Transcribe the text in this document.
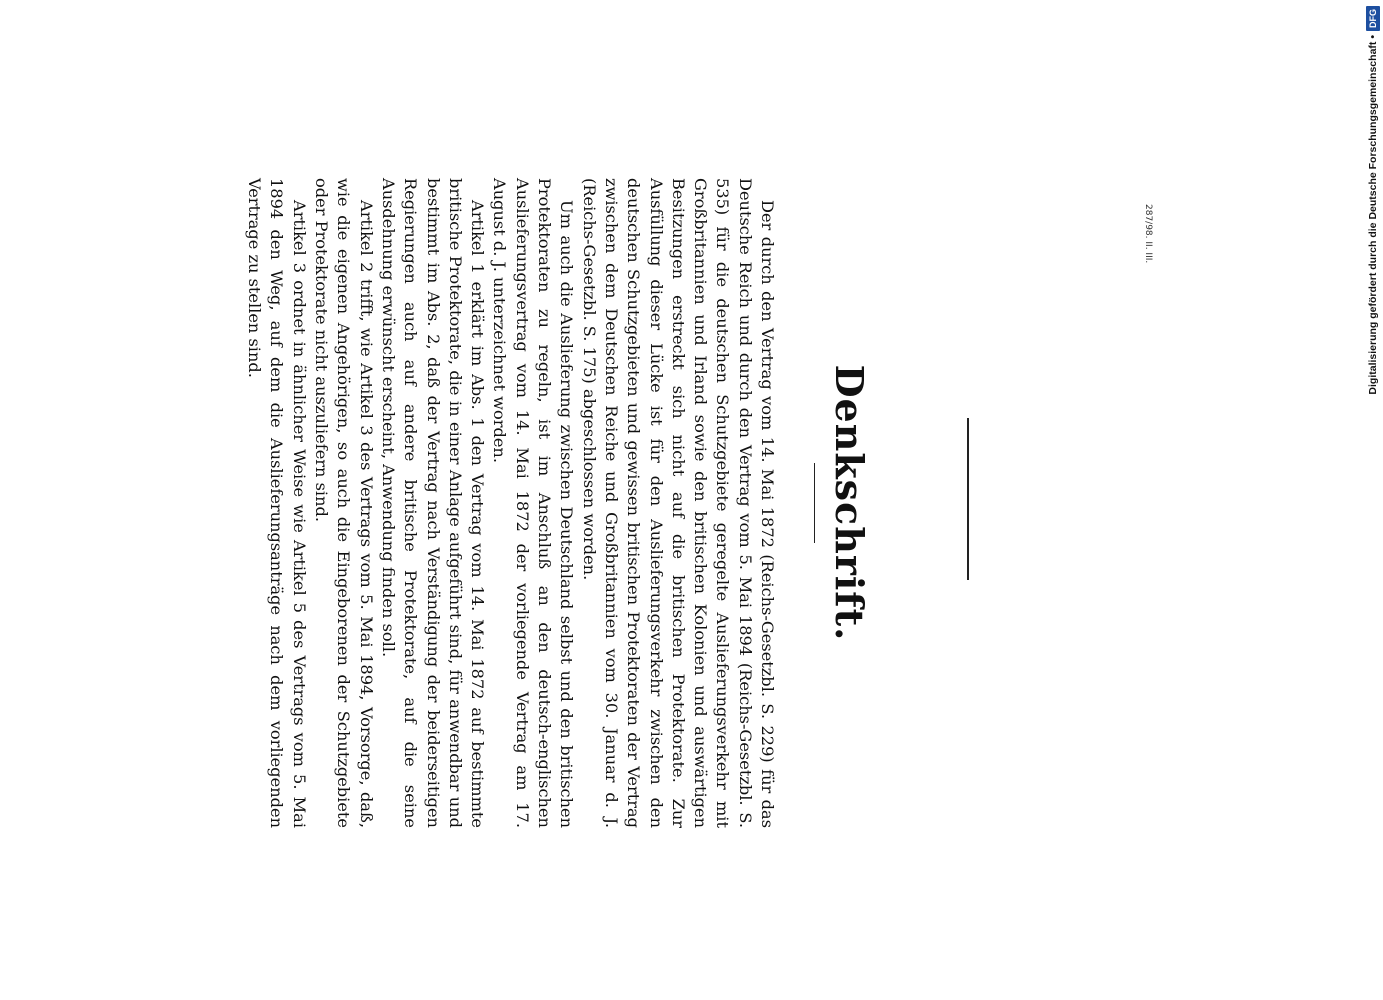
Denkschrift.

Der durch den Vertrag vom 14. Mai 1872 (Reichs-Gesetzbl. S. 229) für das Deutsche Reich und durch den Vertrag vom 5. Mai 1894 (Reichs-Gesetzbl. S. 535) für die deutschen Schutzgebiete geregelte Auslieferungsverkehr mit Großbritannien und Irland sowie den britischen Kolonien und auswärtigen Besitzungen erstreckt sich nicht auf die britischen Protektorate. Zur Ausfüllung dieser Lücke ist für den Auslieferungsverkehr zwischen den deutschen Schutzgebieten und gewissen britischen Protektoraten der Vertrag zwischen dem Deutschen Reiche und Großbritannien vom 30. Januar d. J. (Reichs-Gesetzbl. S. 175) abgeschlossen worden.

Um auch die Auslieferung zwischen Deutschland selbst und den britischen Protektoraten zu regeln, ist im Anschluß an den deutsch-englischen Auslieferungsvertrag vom 14. Mai 1872 der vorliegende Vertrag am 17. August d. J. unterzeichnet worden.

Artikel 1 erklärt im Abs. 1 den Vertrag vom 14. Mai 1872 auf bestimmte britische Protektorate, die in einer Anlage aufgeführt sind, für anwendbar und bestimmt im Abs. 2, daß der Vertrag nach Verständigung der beiderseitigen Regierungen auch auf andere britische Protektorate, auf die seine Ausdehnung erwünscht erscheint, Anwendung finden soll.

Artikel 2 trifft, wie Artikel 3 des Vertrags vom 5. Mai 1894, Vorsorge, daß, wie die eigenen Angehörigen, so auch die Eingeborenen der Schutzgebiete oder Protektorate nicht auszuliefern sind.

Artikel 3 ordnet in ähnlicher Weise wie Artikel 5 des Vertrags vom 5. Mai 1894 den Weg, auf dem die Auslieferungsanträge nach dem vorliegenden Vertrage zu stellen sind.	287/98. II. III.	Digitalisierung gefördert durch die Deutsche Forschungsgemeinschaft •
DFG
